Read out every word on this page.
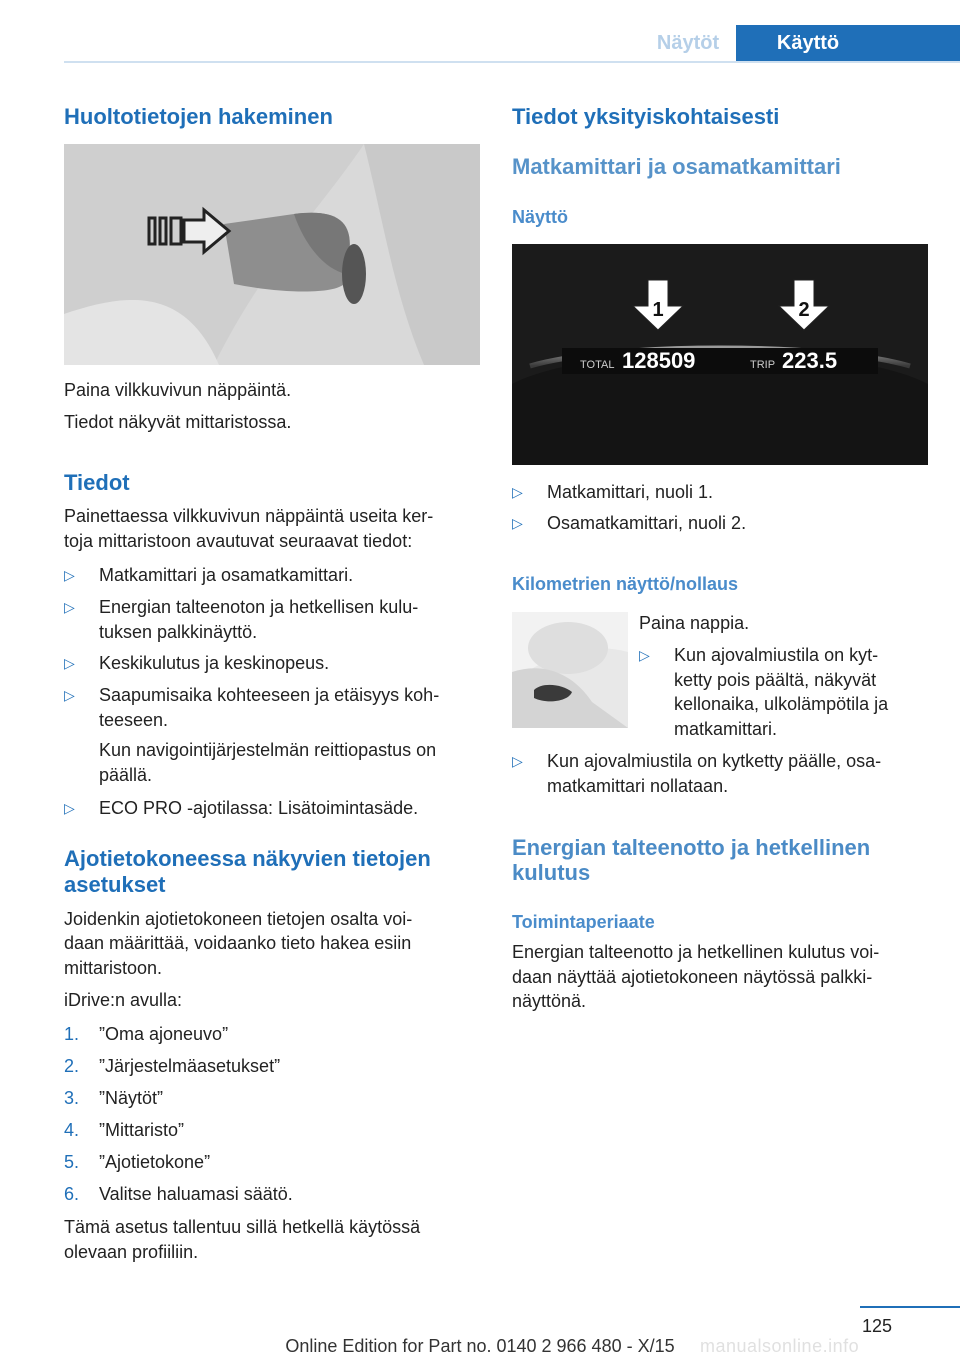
Näytöt	Käyttö
Huoltotietojen hakeminen

Paina vilkkuvivun näppäintä.

Tiedot näkyvät mittaristossa.

Tiedot

Painettaessa vilkkuvivun näppäintä useita ker‐

toja mittaristoon avautuvat seuraavat tiedot:

▷ Matkamittari ja osamatkamittari.
▷ Energian talteenoton ja hetkellisen kulu‐
tuksen palkkinäyttö.
▷ Keskikulutus ja keskinopeus.
▷ Saapumisaika kohteeseen ja etäisyys koh‐
teeseen.
Kun navigointijärjestelmän reittiopastus on
päällä.
▷ ECO PRO -ajotilassa: Lisätoimintasäde.
Ajotietokoneessa näkyvien tietojen
asetukset

Joidenkin ajotietokoneen tietojen osalta voi‐

daan määrittää, voidaanko tieto hakea esiin

mittaristoon.

iDrive:n avulla:

1. ”Oma ajoneuvo”
2. ”Järjestelmäasetukset”
3. ”Näytöt”
4. ”Mittaristo”
5. ”Ajotietokone”
6. Valitse haluamasi säätö.

Tämä asetus tallentuu sillä hetkellä käytössä

olevaan profiiliin.

Tiedot yksityiskohtaisesti
Matkamittari ja osamatkamittari
Näyttö
1	2
TOTAL 128509	TRIP 223.5
▷ Matkamittari, nuoli 1.
▷ Osamatkamittari, nuoli 2.
Kilometrien näyttö/nollaus

Paina nappia.

▷ Kun ajovalmiustila on kyt‐
ketty pois päältä, näkyvät
kellonaika, ulkolämpötila ja
matkamittari.
▷ Kun ajovalmiustila on kytketty päälle, osa‐
matkamittari nollataan.
Energian talteenotto ja hetkellinen
kulutus
Toimintaperiaate

Energian talteenotto ja hetkellinen kulutus voi‐

daan näyttää ajotietokoneen näytössä palkki‐

näyttönä.

125
Online Edition for Part no. 0140 2 966 480 - X/15	manualsonline.info
